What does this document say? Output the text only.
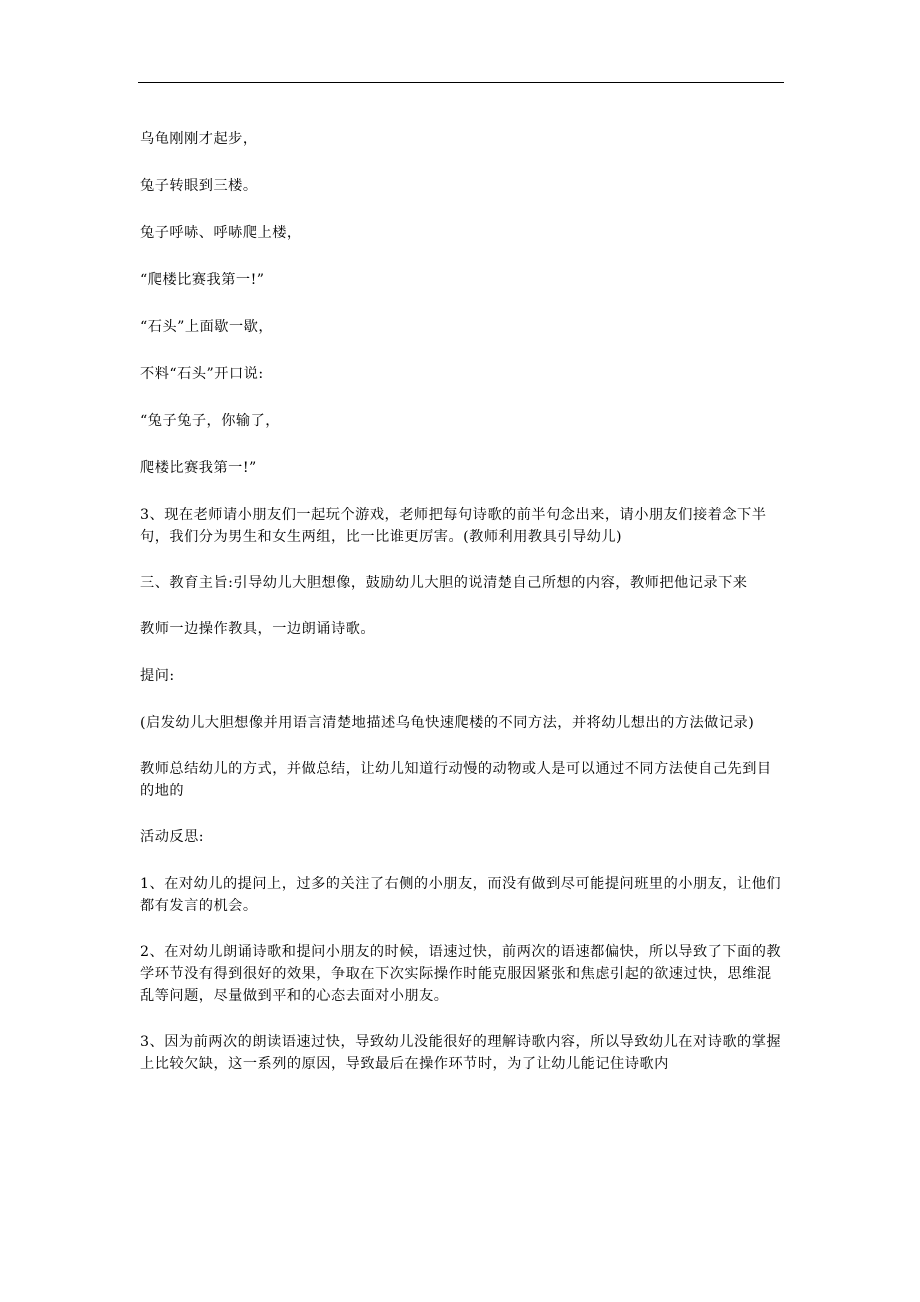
乌龟刚刚才起步，

兔子转眼到三楼。

兔子呼哧、呼哧爬上楼，

“爬楼比赛我第一!”

“石头”上面歇一歇，

不料“石头”开口说:

“兔子兔子，你输了，

爬楼比赛我第一!”

3、现在老师请小朋友们一起玩个游戏，老师把每句诗歌的前半句念出来，请小朋友们接着念下半句，我们分为男生和女生两组，比一比谁更厉害。(教师利用教具引导幼儿)

三、教育主旨:引导幼儿大胆想像，鼓励幼儿大胆的说清楚自己所想的内容，教师把他记录下来

教师一边操作教具，一边朗诵诗歌。

提问:

(启发幼儿大胆想像并用语言清楚地描述乌龟快速爬楼的不同方法，并将幼儿想出的方法做记录)

教师总结幼儿的方式，并做总结，让幼儿知道行动慢的动物或人是可以通过不同方法使自己先到目的地的

活动反思:

1、在对幼儿的提问上，过多的关注了右侧的小朋友，而没有做到尽可能提问班里的小朋友，让他们都有发言的机会。

2、在对幼儿朗诵诗歌和提问小朋友的时候，语速过快，前两次的语速都偏快，所以导致了下面的教学环节没有得到很好的效果，争取在下次实际操作时能克服因紧张和焦虑引起的欲速过快，思维混乱等问题，尽量做到平和的心态去面对小朋友。

3、因为前两次的朗读语速过快，导致幼儿没能很好的理解诗歌内容，所以导致幼儿在对诗歌的掌握上比较欠缺，这一系列的原因，导致最后在操作环节时，为了让幼儿能记住诗歌内
